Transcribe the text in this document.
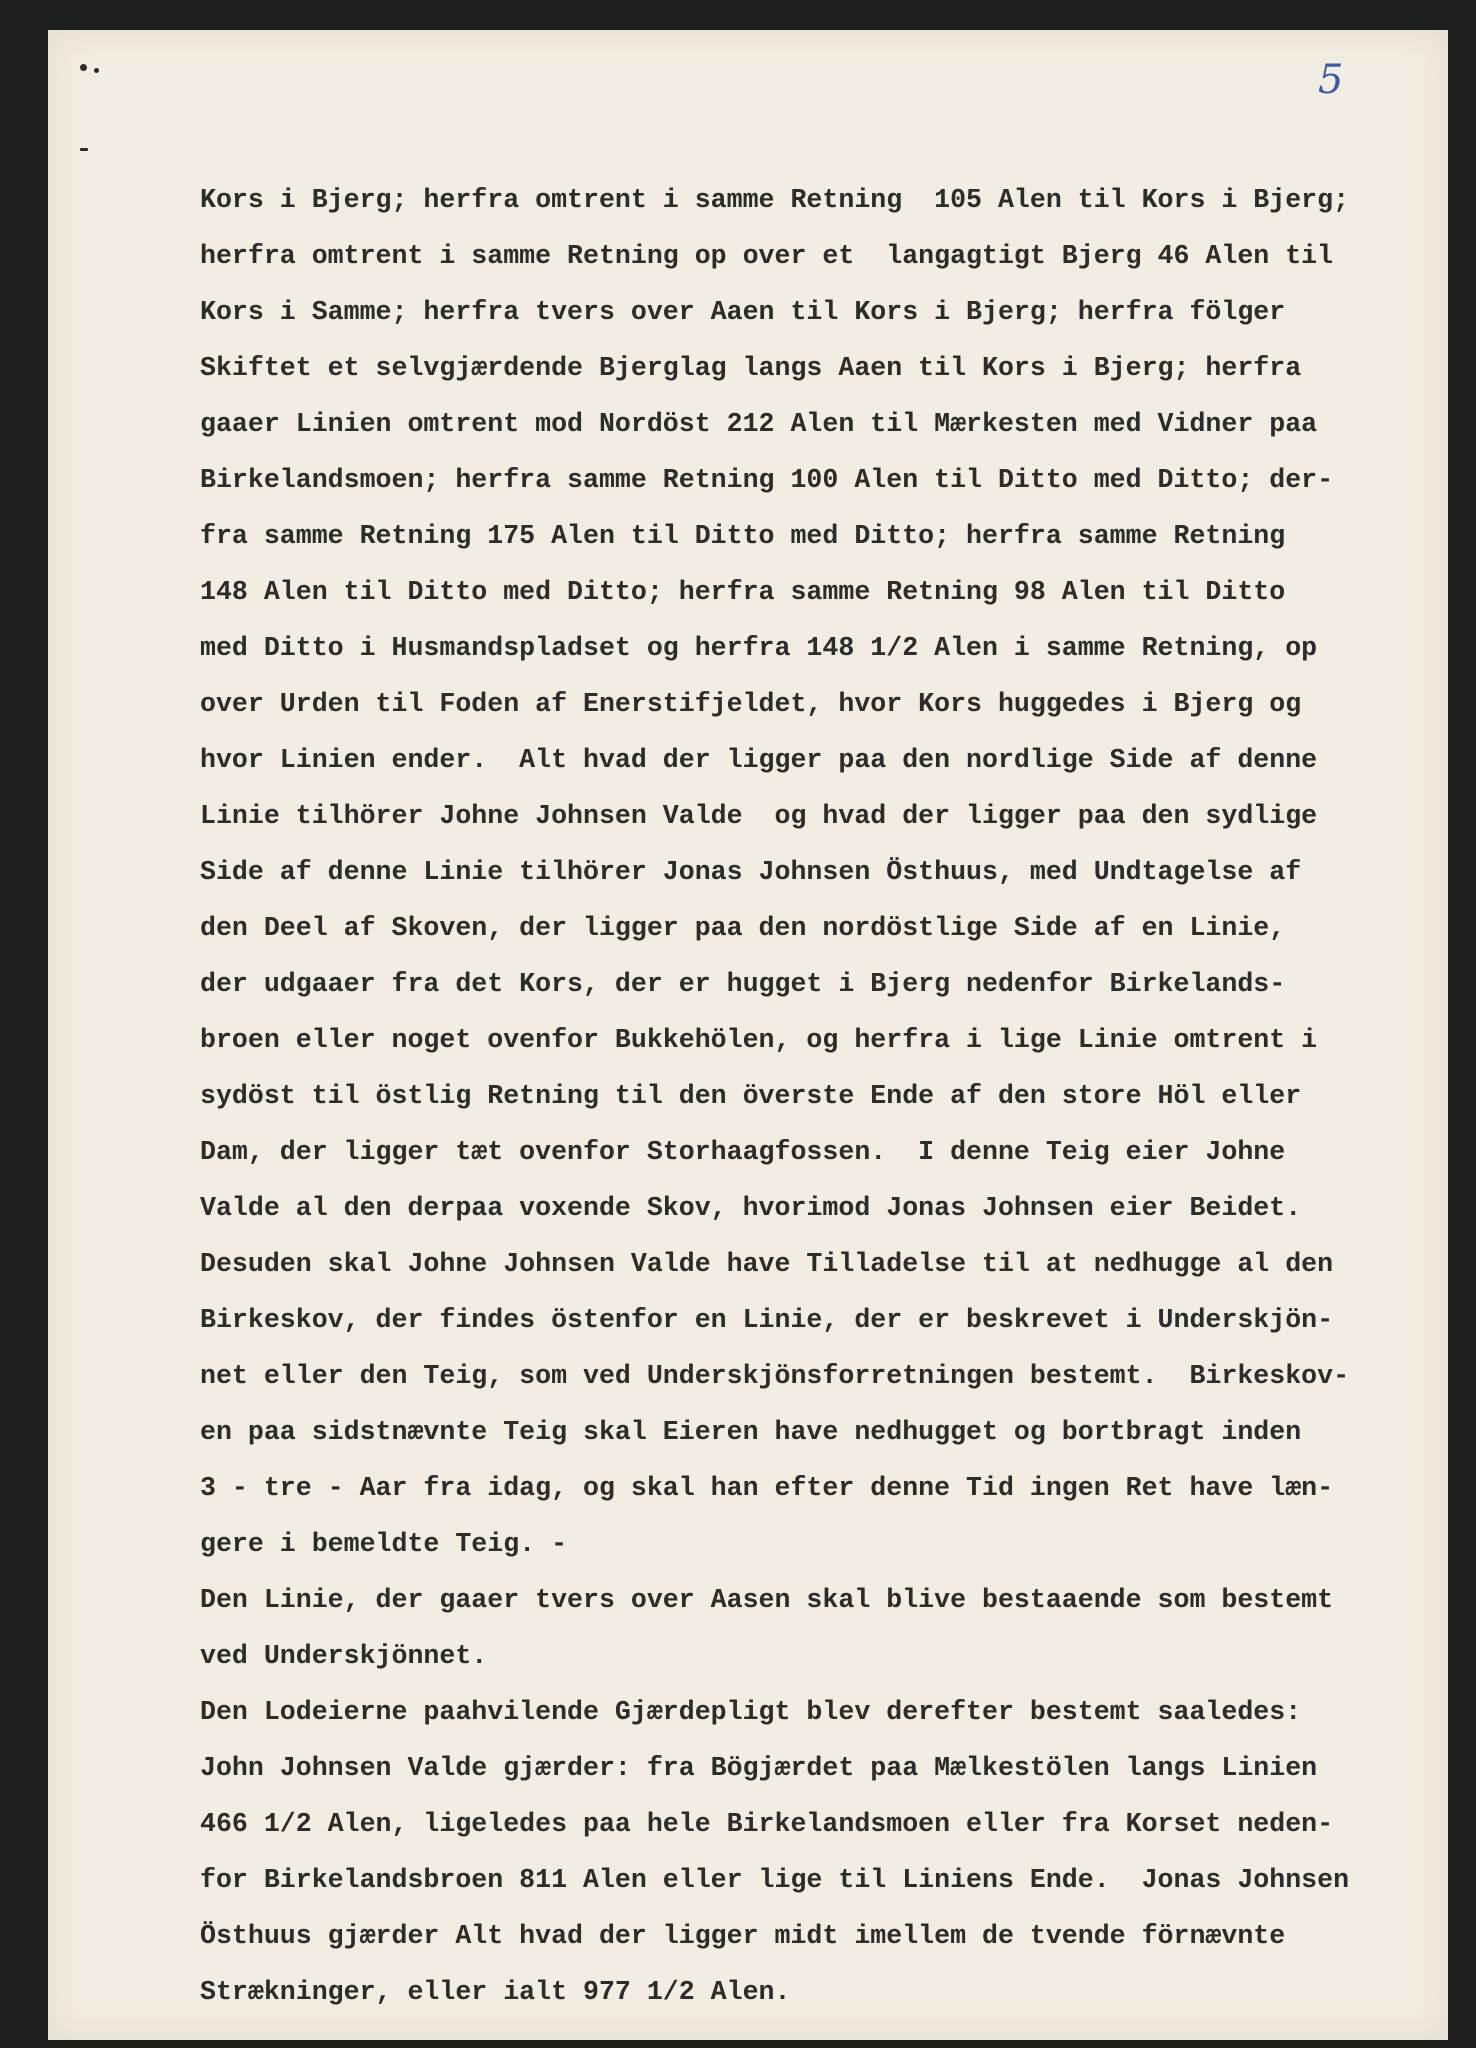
5
Kors i Bjerg; herfra omtrent i samme Retning  105 Alen til Kors i Bjerg;
herfra omtrent i samme Retning op over et  langagtigt Bjerg 46 Alen til
Kors i Samme; herfra tvers over Aaen til Kors i Bjerg; herfra fölger
Skiftet et selvgjærdende Bjerglag langs Aaen til Kors i Bjerg; herfra
gaaer Linien omtrent mod Nordöst 212 Alen til Mærkesten med Vidner paa
Birkelandsmoen; herfra samme Retning 100 Alen til Ditto med Ditto; der-
fra samme Retning 175 Alen til Ditto med Ditto; herfra samme Retning
148 Alen til Ditto med Ditto; herfra samme Retning 98 Alen til Ditto
med Ditto i Husmandspladset og herfra 148 1/2 Alen i samme Retning, op
over Urden til Foden af Enerstifjeldet, hvor Kors huggedes i Bjerg og
hvor Linien ender.  Alt hvad der ligger paa den nordlige Side af denne
Linie tilhörer Johne Johnsen Valde  og hvad der ligger paa den sydlige
Side af denne Linie tilhörer Jonas Johnsen Östhuus, med Undtagelse af
den Deel af Skoven, der ligger paa den nordöstlige Side af en Linie,
der udgaaer fra det Kors, der er hugget i Bjerg nedenfor Birkelands-
broen eller noget ovenfor Bukkehölen, og herfra i lige Linie omtrent i
sydöst til östlig Retning til den överste Ende af den store Höl eller
Dam, der ligger tæt ovenfor Storhaagfossen.  I denne Teig eier Johne
Valde al den derpaa voxende Skov, hvorimod Jonas Johnsen eier Beidet.
Desuden skal Johne Johnsen Valde have Tilladelse til at nedhugge al den
Birkeskov, der findes östenfor en Linie, der er beskrevet i Underskjön-
net eller den Teig, som ved Underskjönsforretningen bestemt.  Birkeskov-
en paa sidstnævnte Teig skal Eieren have nedhugget og bortbragt inden
3 - tre - Aar fra idag, og skal han efter denne Tid ingen Ret have læn-
gere i bemeldte Teig. -
Den Linie, der gaaer tvers over Aasen skal blive bestaaende som bestemt
ved Underskjönnet.
Den Lodeierne paahvilende Gjærdepligt blev derefter bestemt saaledes:
John Johnsen Valde gjærder: fra Bögjærdet paa Mælkestölen langs Linien
466 1/2 Alen, ligeledes paa hele Birkelandsmoen eller fra Korset neden-
for Birkelandsbroen 811 Alen eller lige til Liniens Ende.  Jonas Johnsen
Östhuus gjærder Alt hvad der ligger midt imellem de tvende förnævnte
Strækninger, eller ialt 977 1/2 Alen.
